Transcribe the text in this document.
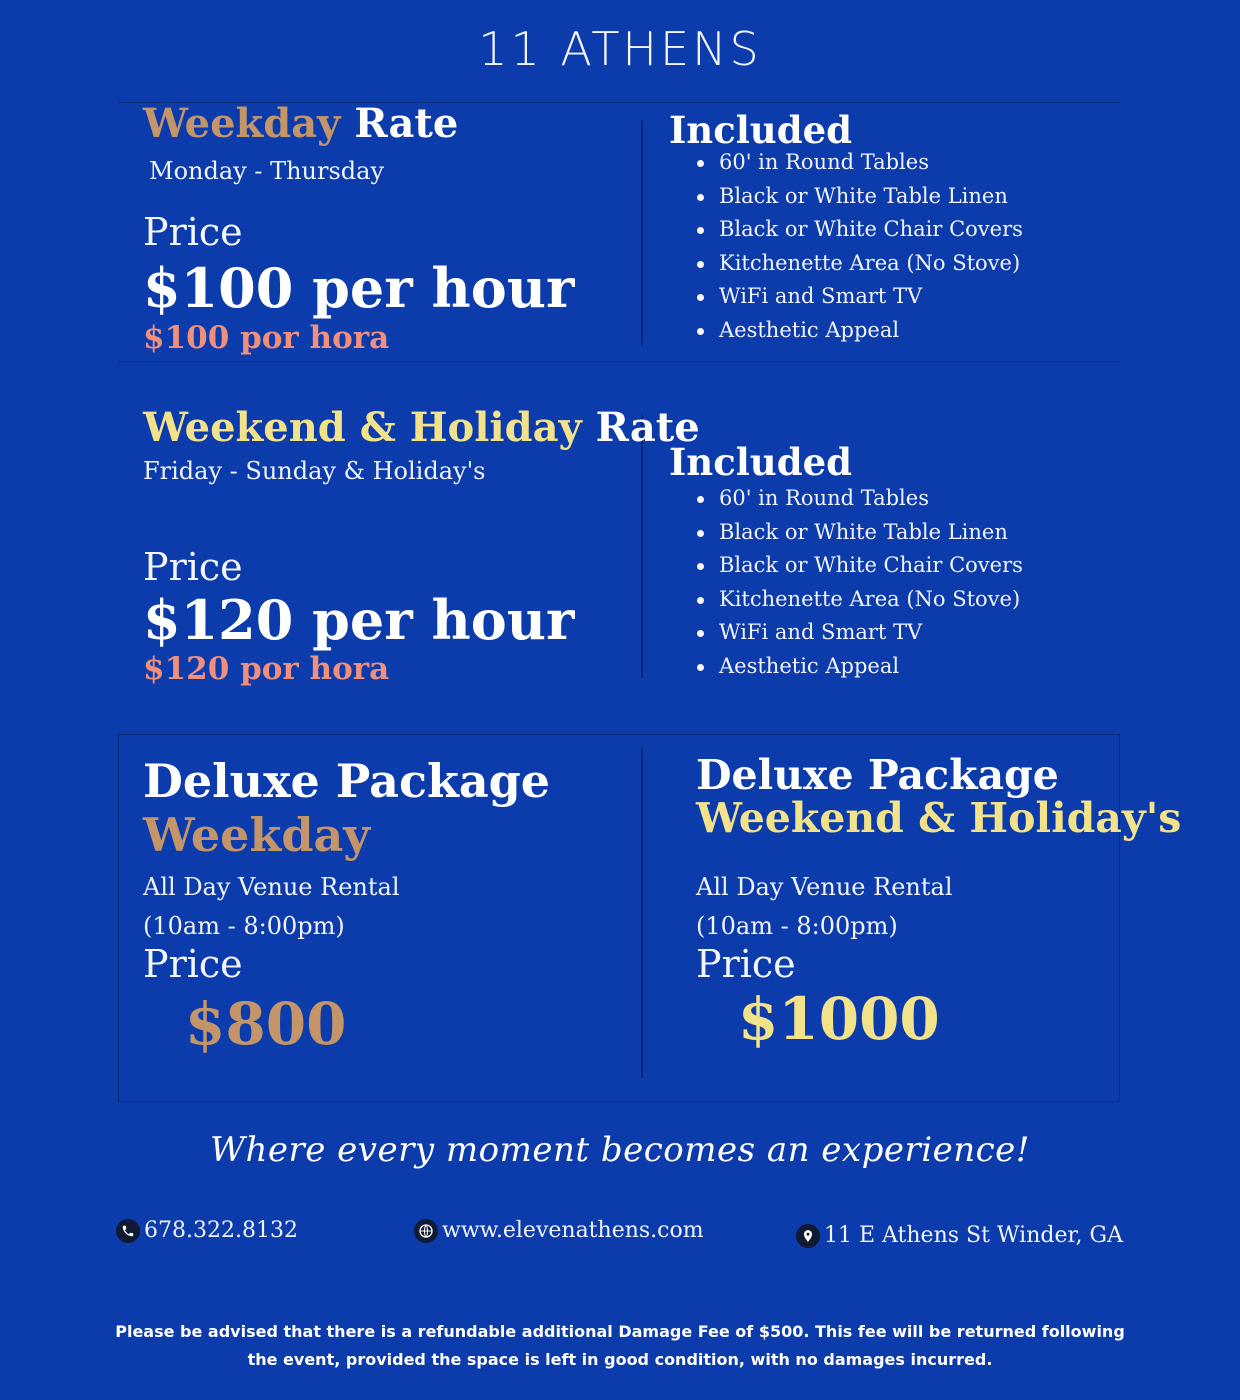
11 ATHENS
Weekday Rate
Monday - Thursday
Price
$100 per hour
$100 por hora
Included
60' in Round Tables
Black or White Table Linen
Black or White Chair Covers
Kitchenette Area (No Stove)
WiFi and Smart TV
Aesthetic Appeal
Weekend & Holiday Rate
Friday - Sunday & Holiday's
Price
$120 per hour
$120 por hora
Included
60' in Round Tables
Black or White Table Linen
Black or White Chair Covers
Kitchenette Area (No Stove)
WiFi and Smart TV
Aesthetic Appeal
Deluxe Package
Weekday
All Day Venue Rental
(10am - 8:00pm)
Price
$800
Deluxe Package
Weekend & Holiday's
All Day Venue Rental
(10am - 8:00pm)
Price
$1000
Where every moment becomes an experience!
678.322.8132	www.elevenathens.com	11 E Athens St Winder, GA
Please be advised that there is a refundable additional Damage Fee of $500. This fee will be returned following the event, provided the space is left in good condition, with no damages incurred.
